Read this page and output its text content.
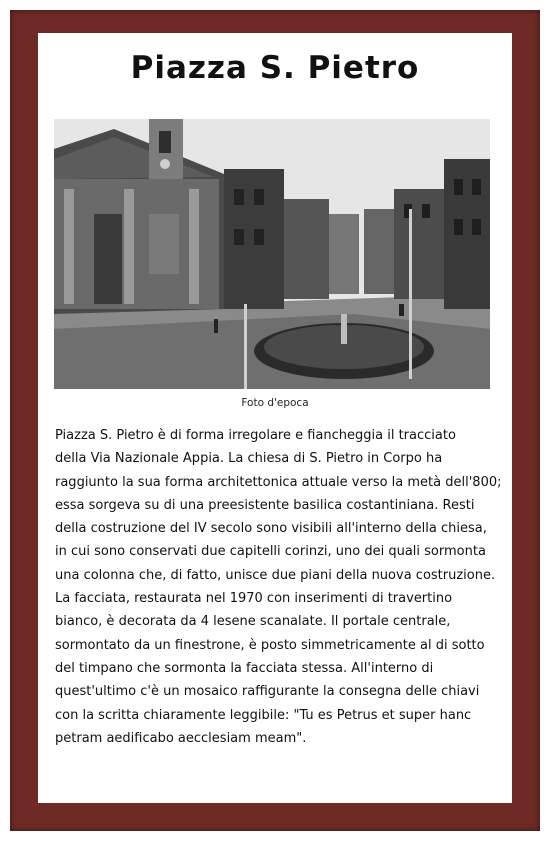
Piazza S. Pietro
Foto d'epoca
Piazza S. Pietro è di forma irregolare e fiancheggia il tracciato
della Via Nazionale Appia. La chiesa di S. Pietro in Corpo ha
raggiunto la sua forma architettonica attuale verso la metà dell'800;
essa sorgeva su di una preesistente basilica costantiniana. Resti
della costruzione del IV secolo sono visibili all'interno della chiesa,
in cui sono conservati due capitelli corinzi, uno dei quali sormonta
una colonna che, di fatto, unisce due piani della nuova costruzione.
La facciata, restaurata nel 1970 con inserimenti di travertino
bianco, è decorata da 4 lesene scanalate. Il portale centrale,
sormontato da un finestrone, è posto simmetricamente al di sotto
del timpano che sormonta la facciata stessa. All'interno di
quest'ultimo c'è un mosaico raffigurante la consegna delle chiavi
con la scritta chiaramente leggibile: "Tu es Petrus et super hanc
petram aedificabo aecclesiam meam".
